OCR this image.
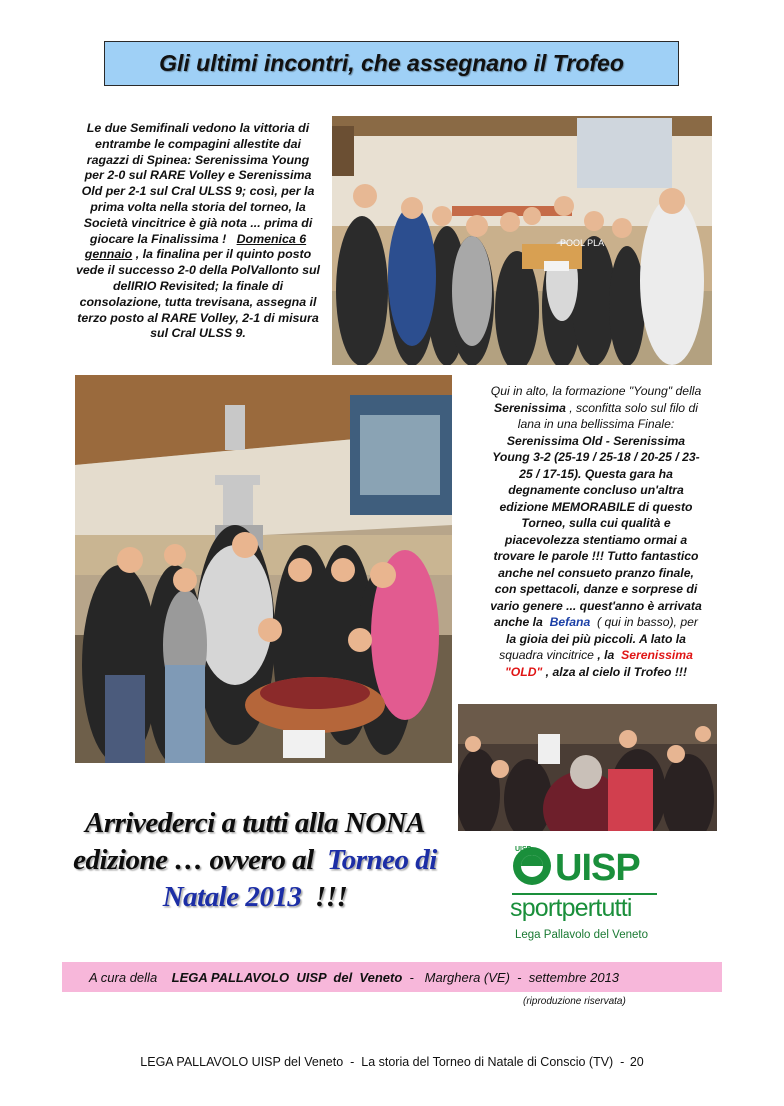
Gli ultimi incontri, che assegnano il Trofeo
Le due Semifinali vedono la vittoria di
entrambe le compagini allestite dai
ragazzi di Spinea: Serenissima Young
per 2-0 sul RARE Volley e Serenissima
Old per 2-1 sul Cral ULSS 9; così, per la
prima volta nella storia del torneo, la
Società vincitrice è già nota ... prima di
giocare la Finalissima !   Domenica 6
gennaio , la finalina per il quinto posto
vede il successo 2-0 della PolVallonto sul
delIRIO Revisited; la finale di
consolazione, tutta trevisana, assegna il
terzo posto al RARE Volley, 2-1 di misura
sul Cral ULSS 9.
POOL PLA
Qui in alto, la formazione "Young" della
Serenissima , sconfitta solo sul filo di
lana in una bellissima Finale:
Serenissima Old - Serenissima
Young 3-2 (25-19 / 25-18 / 20-25 / 23-
25 / 17-15). Questa gara ha
degnamente concluso un'altra
edizione MEMORABILE di questo
Torneo, sulla cui qualità e
piacevolezza stentiamo ormai a
trovare le parole !!! Tutto fantastico
anche nel consueto pranzo finale,
con spettacoli, danze e sorprese di
vario genere ... quest'anno è arrivata
anche la  Befana  ( qui in basso), per
la gioia dei più piccoli. A lato la
squadra vincitrice , la  Serenissima
"OLD" , alza al cielo il Trofeo !!!
Arrivederci a tutti alla NONA
edizione … ovvero al  Torneo di
Natale 2013  !!!
UISP UISP
sportpertutti
Lega Pallavolo del Veneto
A cura della LEGA PALLAVOLO  UISP  del  Veneto -   Marghera (VE)  -  settembre 2013
(riproduzione riservata)
LEGA PALLAVOLO UISP del Veneto  -  La storia del Torneo di Natale di Conscio (TV)  - 20
